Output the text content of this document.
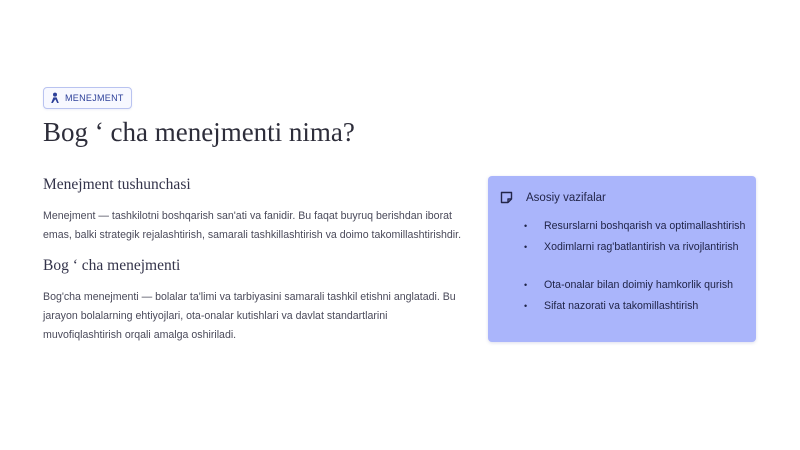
MENEJMENT
Bog ʻ cha menejmenti nima?
Menejment tushunchasi

Menejment — tashkilotni boshqarish san'ati va fanidir. Bu faqat buyruq berishdan iborat emas, balki strategik rejalashtirish, samarali tashkillashtirish va doimo takomillashtirishdir.

Bog ʻ cha menejmenti

Bog'cha menejmenti — bolalar ta'limi va tarbiyasini samarali tashkil etishni anglatadi. Bu jarayon bolalarning ehtiyojlari, ota-onalar kutishlari va davlat standartlarini muvofiqlashtirish orqali amalga oshiriladi.

Asosiy vazifalar
• Resurslarni boshqarish va optimallashtirish
• Xodimlarni rag'batlantirish va rivojlantirish
• Ota-onalar bilan doimiy hamkorlik qurish
• Sifat nazorati va takomillashtirish
